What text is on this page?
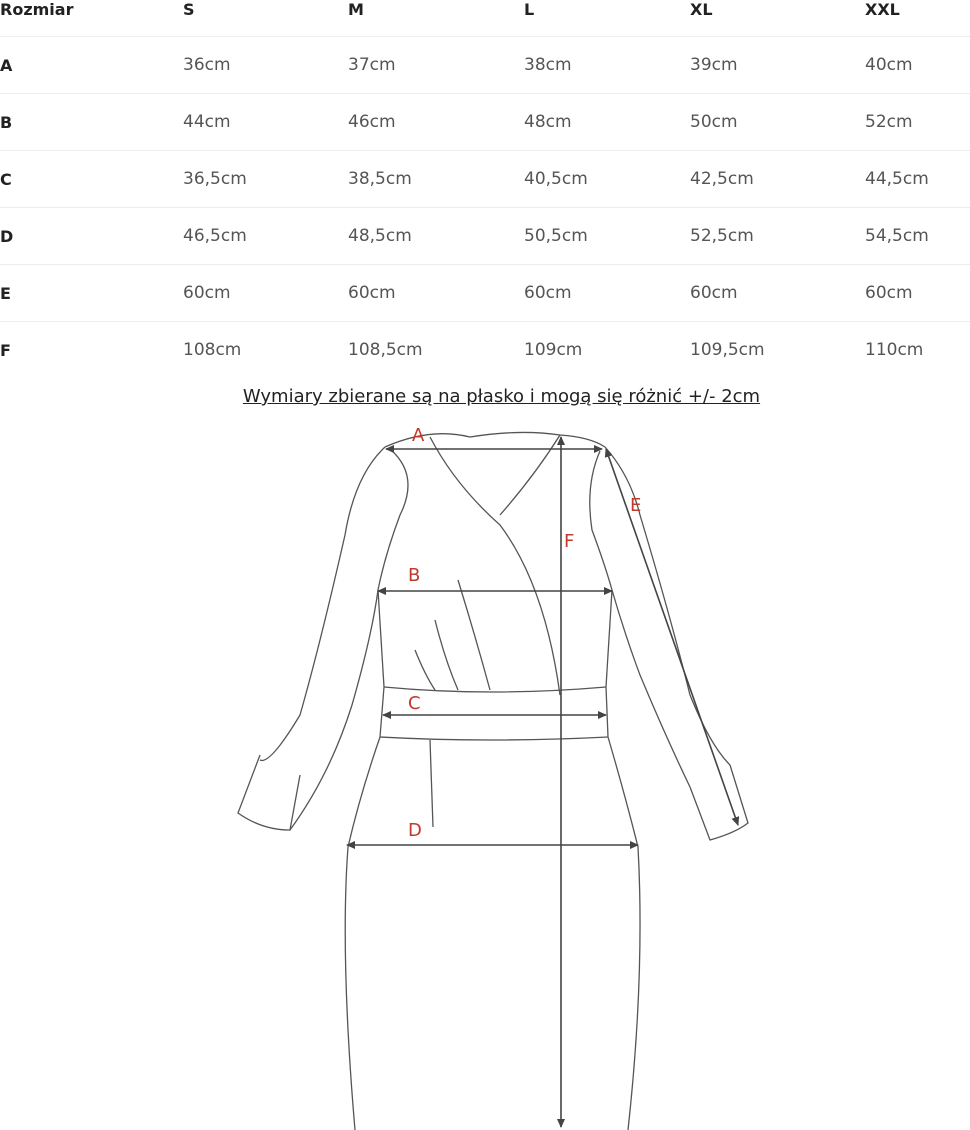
Rozmiar	S	M	L	XL	XXL
A	36cm	37cm	38cm	39cm	40cm
B	44cm	46cm	48cm	50cm	52cm
C	36,5cm	38,5cm	40,5cm	42,5cm	44,5cm
D	46,5cm	48,5cm	50,5cm	52,5cm	54,5cm
E	60cm	60cm	60cm	60cm	60cm
F	108cm	108,5cm	109cm	109,5cm	110cm
Wymiary zbierane są na płasko i mogą się różnić +/- 2cm
A
B
C
D
E
F
